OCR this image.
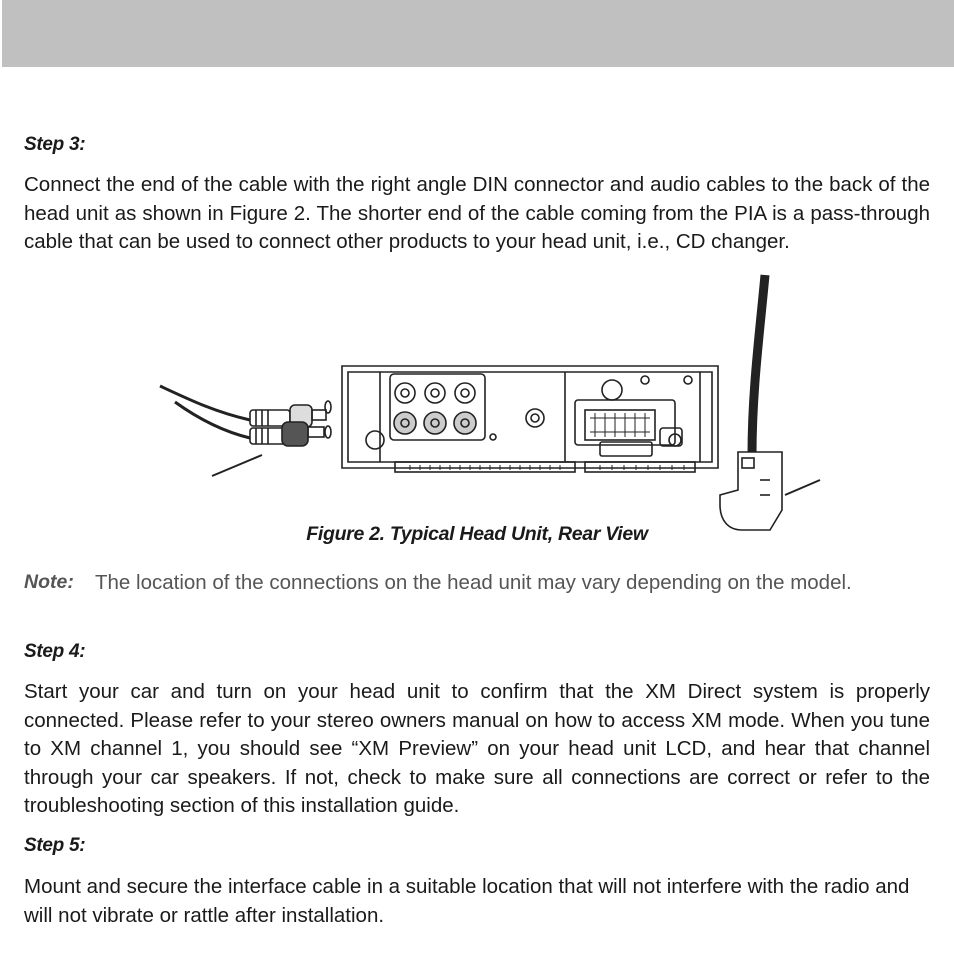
Step 3:
Connect the end of the cable with the right angle DIN connector and audio cables to the back of the head unit as shown in Figure 2. The shorter end of the cable coming from the PIA is a pass-through cable that can be used to connect other products to your head unit, i.e., CD changer.
Figure 2. Typical Head Unit, Rear View
Note: The location of the connections on the head unit may vary depending on the model.
Step 4:
Start your car and turn on your head unit to confirm that the XM Direct system is properly connected. Please refer to your stereo owners manual on how to access XM mode. When you tune to XM channel 1, you should see “XM Preview” on your head unit LCD, and hear that channel through your car speakers. If not, check to make sure all connections are correct or refer to the troubleshooting section of this installation guide.
Step 5:
Mount and secure the interface cable in a suitable location that will not interfere with the radio and will not vibrate or rattle after installation.
